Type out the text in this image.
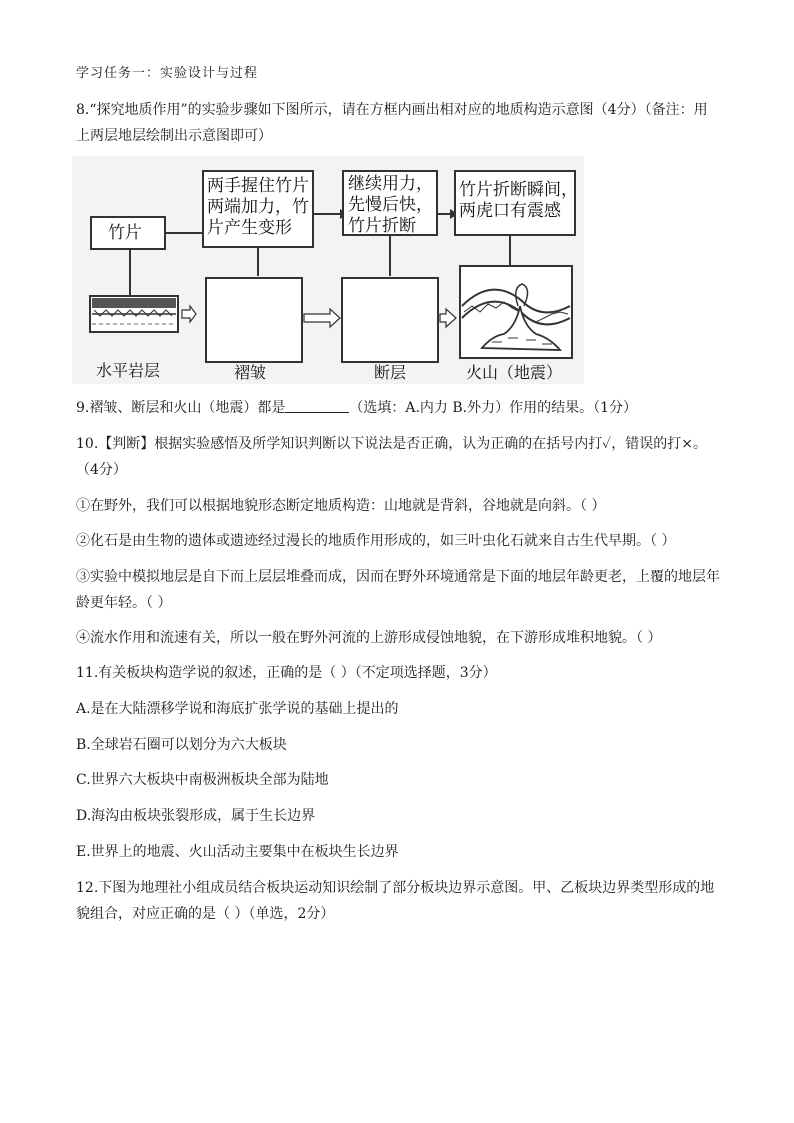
学习任务一：实验设计与过程
8.“探究地质作用”的实验步骤如下图所示，请在方框内画出相对应的地质构造示意图（4分）（备注：用
上两层地层绘制出示意图即可）
竹片
两手握住竹片
两端加力，竹
片产生变形
继续用力，
先慢后快，
竹片折断
竹片折断瞬间，
两虎口有震感
水平岩层	褶皱	断层	火山（地震）
9.褶皱、断层和火山（地震）都是	（选填：A.内力 B.外力）作用的结果。（1分）
10.【判断】根据实验感悟及所学知识判断以下说法是否正确，认为正确的在括号内打✓，错误的打×。
（4分）
①在野外，我们可以根据地貌形态断定地质构造：山地就是背斜，谷地就是向斜。（ ）
②化石是由生物的遗体或遗迹经过漫长的地质作用形成的，如三叶虫化石就来自古生代早期。（ ）
③实验中模拟地层是自下而上层层堆叠而成，因而在野外环境通常是下面的地层年龄更老，上覆的地层年
龄更年轻。（ ）
④流水作用和流速有关，所以一般在野外河流的上游形成侵蚀地貌，在下游形成堆积地貌。（ ）
11.有关板块构造学说的叙述，正确的是（ ）（不定项选择题，3分）
A.是在大陆漂移学说和海底扩张学说的基础上提出的
B.全球岩石圈可以划分为六大板块
C.世界六大板块中南极洲板块全部为陆地
D.海沟由板块张裂形成，属于生长边界
E.世界上的地震、火山活动主要集中在板块生长边界
12.下图为地理社小组成员结合板块运动知识绘制了部分板块边界示意图。甲、乙板块边界类型形成的地
貌组合，对应正确的是（ ）（单选，2分）
